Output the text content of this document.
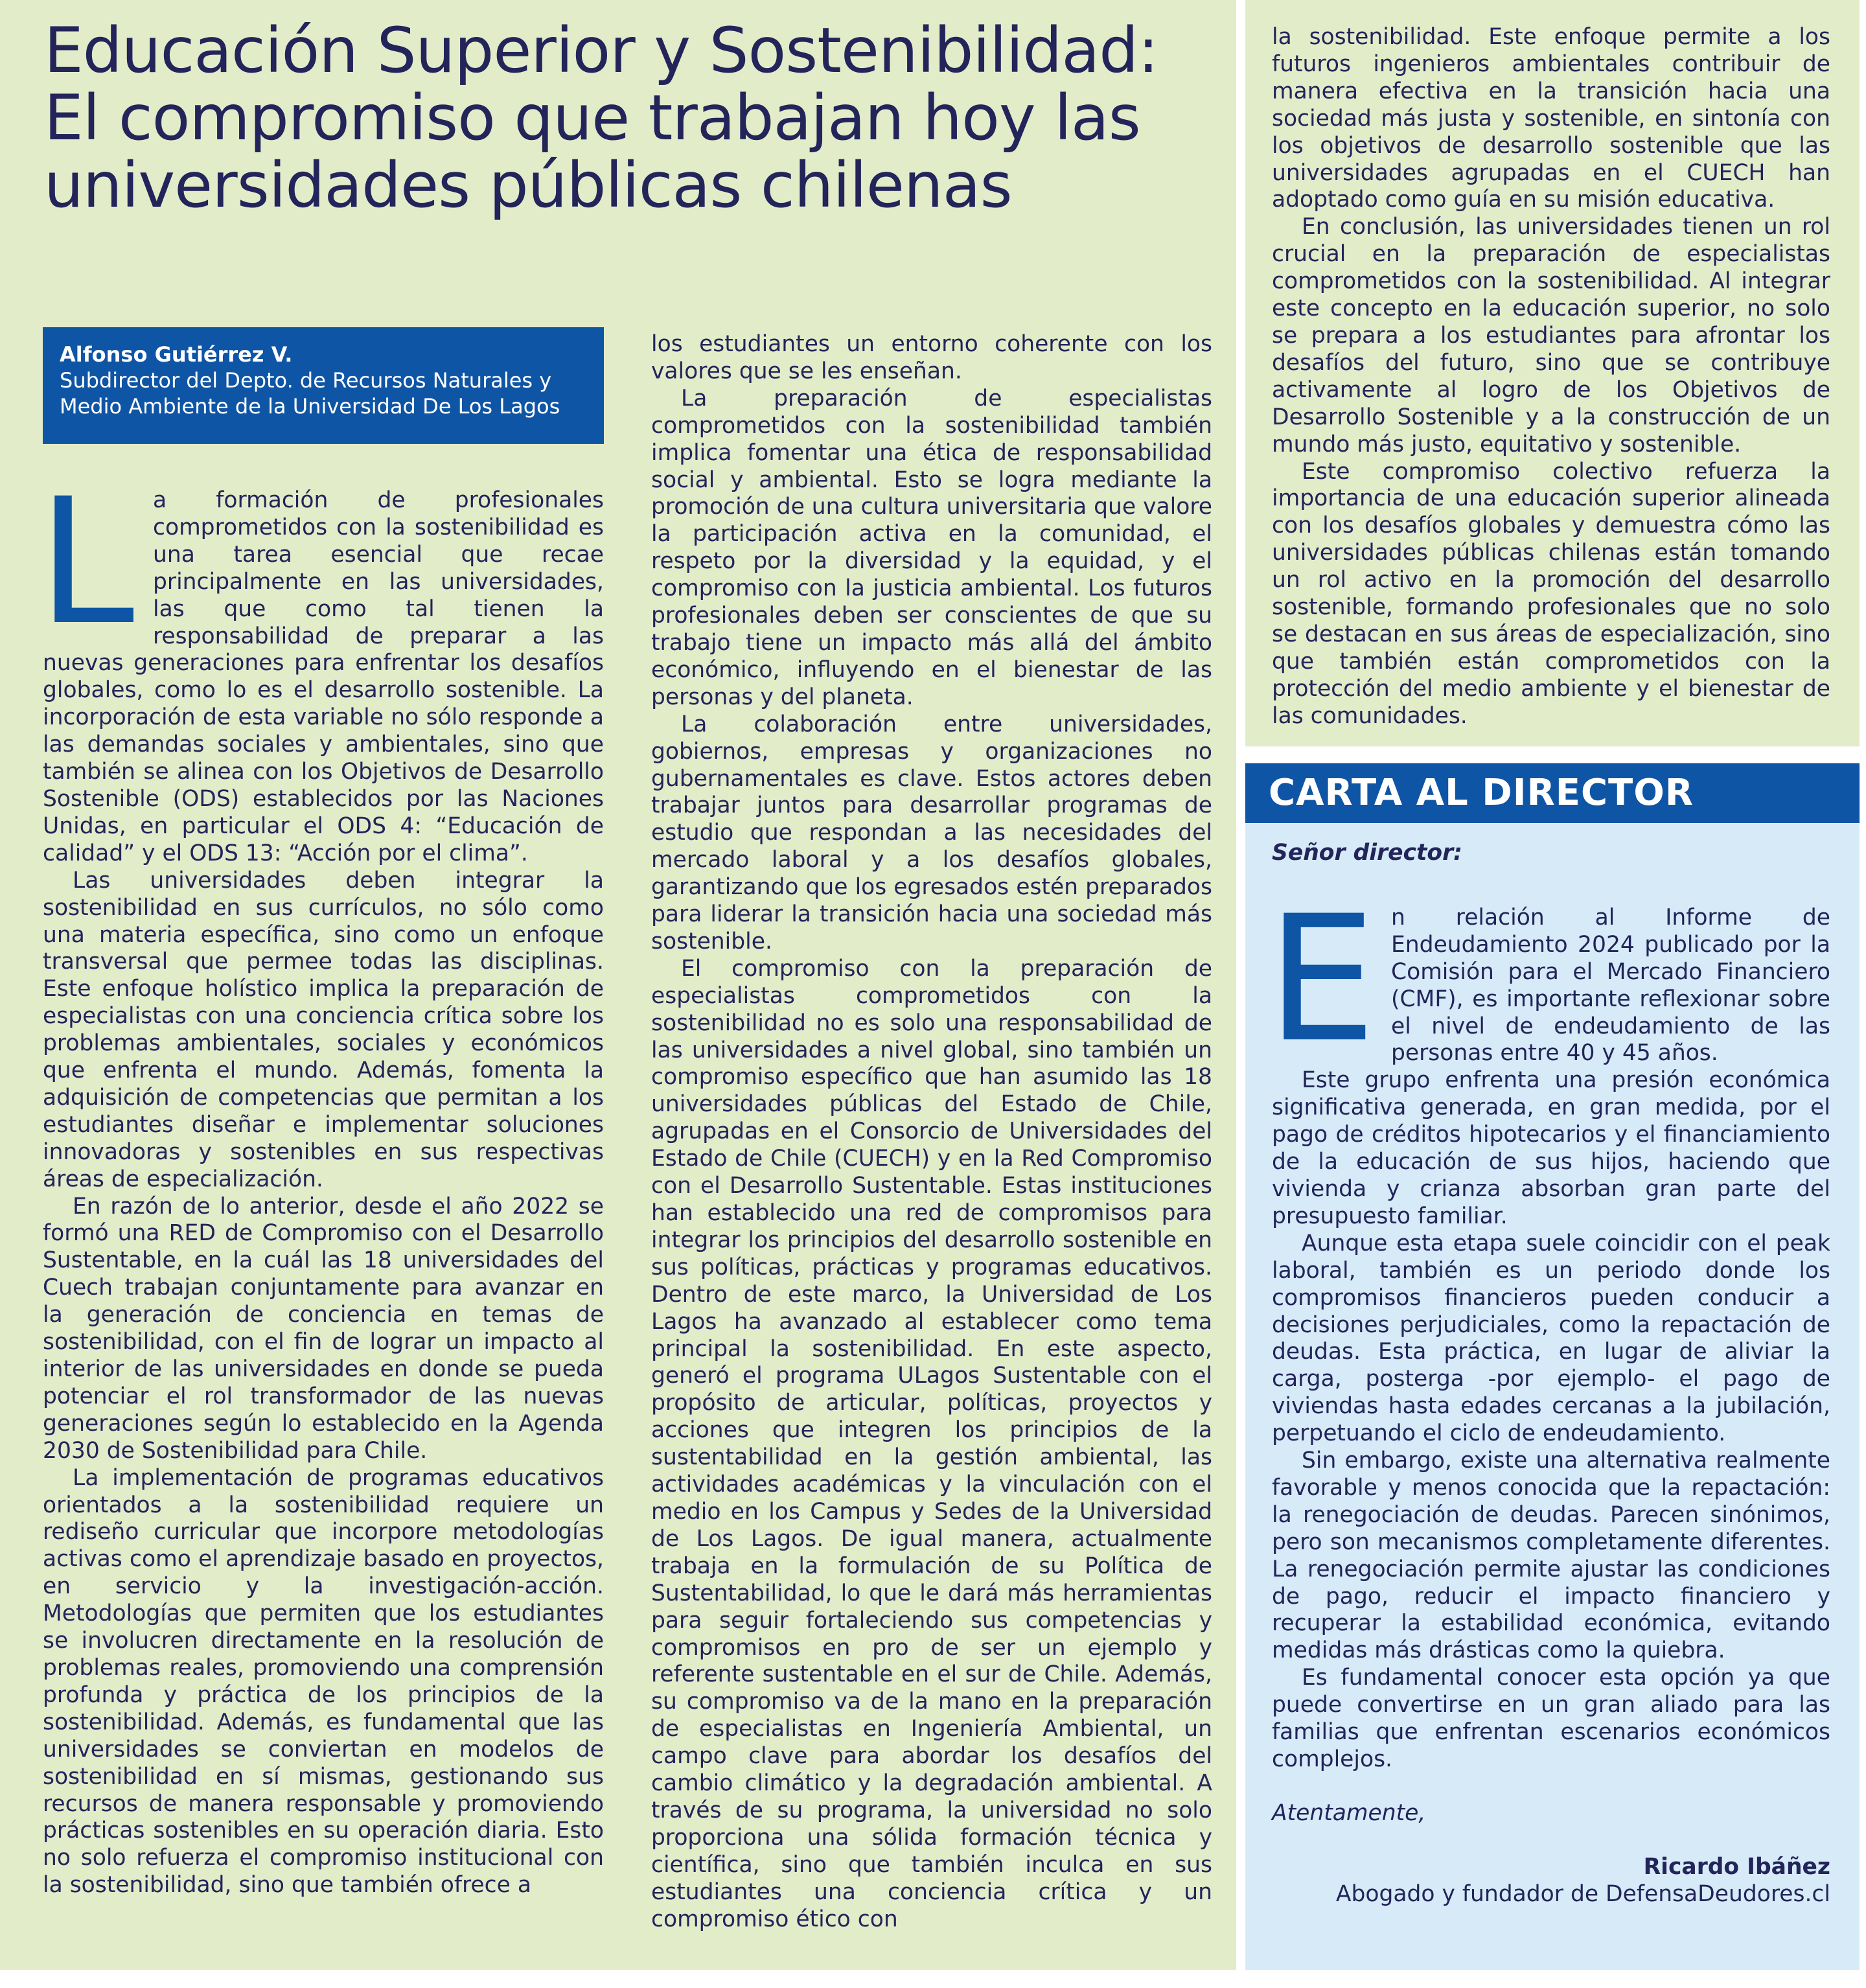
Educación Superior y Sostenibilidad: El compromiso que trabajan hoy las universidades públicas chilenas
Alfonso Gutiérrez V.
Subdirector del Depto. de Recursos Naturales y Medio Ambiente de la Universidad De Los Lagos

La formación de profesionales comprometidos con la sostenibilidad es una tarea esencial que recae principalmente en las universidades, las que como tal tienen la responsabilidad de preparar a las nuevas generaciones para enfrentar los desafíos globales, como lo es el desarrollo sostenible. La incorporación de esta variable no sólo responde a las demandas sociales y ambientales, sino que también se alinea con los Objetivos de Desarrollo Sostenible (ODS) establecidos por las Naciones Unidas, en particular el ODS 4: “Educación de calidad” y el ODS 13: “Acción por el clima”.

Las universidades deben integrar la sostenibilidad en sus currículos, no sólo como una materia específica, sino como un enfoque transversal que permee todas las disciplinas. Este enfoque holístico implica la preparación de especialistas con una conciencia crítica sobre los problemas ambientales, sociales y económicos que enfrenta el mundo. Además, fomenta la adquisición de competencias que permitan a los estudiantes diseñar e implementar soluciones innovadoras y sostenibles en sus respectivas áreas de especialización.

En razón de lo anterior, desde el año 2022 se formó una RED de Compromiso con el Desarrollo Sustentable, en la cuál las 18 universidades del Cuech trabajan conjuntamente para avanzar en la generación de conciencia en temas de sostenibilidad, con el fin de lograr un impacto al interior de las universidades en donde se pueda potenciar el rol transformador de las nuevas generaciones según lo establecido en la Agenda 2030 de Sostenibilidad para Chile.

La implementación de programas educativos orientados a la sostenibilidad requiere un rediseño curricular que incorpore metodologías activas como el aprendizaje basado en proyectos, en servicio y la investigación-acción. Metodologías que permiten que los estudiantes se involucren directamente en la resolución de problemas reales, promoviendo una comprensión profunda y práctica de los principios de la sostenibilidad. Además, es fundamental que las universidades se conviertan en modelos de sostenibilidad en sí mismas, gestionando sus recursos de manera responsable y promoviendo prácticas sostenibles en su operación diaria. Esto no solo refuerza el compromiso institucional con la sostenibilidad, sino que también ofrece a

los estudiantes un entorno coherente con los valores que se les enseñan.

La preparación de especialistas comprometidos con la sostenibilidad también implica fomentar una ética de responsabilidad social y ambiental. Esto se logra mediante la promoción de una cultura universitaria que valore la participación activa en la comunidad, el respeto por la diversidad y la equidad, y el compromiso con la justicia ambiental. Los futuros profesionales deben ser conscientes de que su trabajo tiene un impacto más allá del ámbito económico, influyendo en el bienestar de las personas y del planeta.

La colaboración entre universidades, gobiernos, empresas y organizaciones no gubernamentales es clave. Estos actores deben trabajar juntos para desarrollar programas de estudio que respondan a las necesidades del mercado laboral y a los desafíos globales, garantizando que los egresados estén preparados para liderar la transición hacia una sociedad más sostenible.

El compromiso con la preparación de especialistas comprometidos con la sostenibilidad no es solo una responsabilidad de las universidades a nivel global, sino también un compromiso específico que han asumido las 18 universidades públicas del Estado de Chile, agrupadas en el Consorcio de Universidades del Estado de Chile (CUECH) y en la Red Compromiso con el Desarrollo Sustentable. Estas instituciones han establecido una red de compromisos para integrar los principios del desarrollo sostenible en sus políticas, prácticas y programas educativos. Dentro de este marco, la Universidad de Los Lagos ha avanzado al establecer como tema principal la sostenibilidad. En este aspecto, generó el programa ULagos Sustentable con el propósito de articular, políticas, proyectos y acciones que integren los principios de la sustentabilidad en la gestión ambiental, las actividades académicas y la vinculación con el medio en los Campus y Sedes de la Universidad de Los Lagos. De igual manera, actualmente trabaja en la formulación de su Política de Sustentabilidad, lo que le dará más herramientas para seguir fortaleciendo sus competencias y compromisos en pro de ser un ejemplo y referente sustentable en el sur de Chile. Además, su compromiso va de la mano en la preparación de especialistas en Ingeniería Ambiental, un campo clave para abordar los desafíos del cambio climático y la degradación ambiental. A través de su programa, la universidad no solo proporciona una sólida formación técnica y científica, sino que también inculca en sus estudiantes una conciencia crítica y un compromiso ético con

la sostenibilidad. Este enfoque permite a los futuros ingenieros ambientales contribuir de manera efectiva en la transición hacia una sociedad más justa y sostenible, en sintonía con los objetivos de desarrollo sostenible que las universidades agrupadas en el CUECH han adoptado como guía en su misión educativa.

En conclusión, las universidades tienen un rol crucial en la preparación de especialistas comprometidos con la sostenibilidad. Al integrar este concepto en la educación superior, no solo se prepara a los estudiantes para afrontar los desafíos del futuro, sino que se contribuye activamente al logro de los Objetivos de Desarrollo Sostenible y a la construcción de un mundo más justo, equitativo y sostenible.

Este compromiso colectivo refuerza la importancia de una educación superior alineada con los desafíos globales y demuestra cómo las universidades públicas chilenas están tomando un rol activo en la promoción del desarrollo sostenible, formando profesionales que no solo se destacan en sus áreas de especialización, sino que también están comprometidos con la protección del medio ambiente y el bienestar de las comunidades.

CARTA AL DIRECTOR

Señor director:

En relación al Informe de Endeudamiento 2024 publicado por la Comisión para el Mercado Financiero (CMF), es importante reflexionar sobre el nivel de endeudamiento de las personas entre 40 y 45 años.

Este grupo enfrenta una presión económica significativa generada, en gran medida, por el pago de créditos hipotecarios y el financiamiento de la educación de sus hijos, haciendo que vivienda y crianza absorban gran parte del presupuesto familiar.

Aunque esta etapa suele coincidir con el peak laboral, también es un periodo donde los compromisos financieros pueden conducir a decisiones perjudiciales, como la repactación de deudas. Esta práctica, en lugar de aliviar la carga, posterga -por ejemplo- el pago de viviendas hasta edades cercanas a la jubilación, perpetuando el ciclo de endeudamiento.

Sin embargo, existe una alternativa realmente favorable y menos conocida que la repactación: la renegociación de deudas. Parecen sinónimos, pero son mecanismos completamente diferentes. La renegociación permite ajustar las condiciones de pago, reducir el impacto financiero y recuperar la estabilidad económica, evitando medidas más drásticas como la quiebra.

Es fundamental conocer esta opción ya que puede convertirse en un gran aliado para las familias que enfrentan escenarios económicos complejos.

Atentamente,

Ricardo Ibáñez

Abogado y fundador de DefensaDeudores.cl
